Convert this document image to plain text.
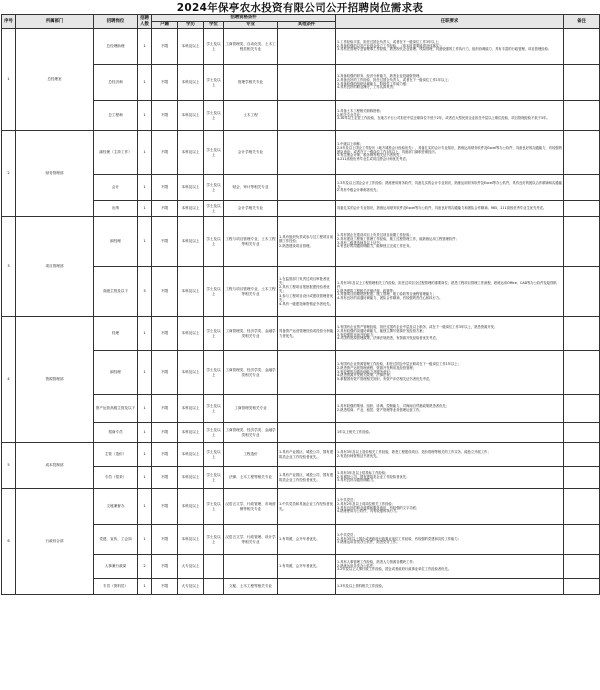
2024年保亭农水投资有限公司公开招聘岗位需求表
序号	所属部门	招聘岗位	招聘人数	招聘资格条件					任职要求	备注
				户籍	学历	学位	专业	其他条件		
1	总经理室	总经理助理	1	不限	本科及以上	学士及以上	工商管理类、自动化类、土木工程类相关专业		1.工作经验丰富，担任过国企负责人、或者在下一级岗位工作3年以上；
2.具备较强的以及产业基金设立工作经验，（取本时需要能供具体落实）；
3.具有在管理专业管理事工作经验，熟悉现代企业管理、风险管理，具备较强的工作执行力，组织协调能力，具有丰富的行政管理、项目管理经验；	
		总经济师	1	不限	本科及以上	学士及以上	管理学相关专业		1.具备较强的财务、经济分析能力，熟悉企业投融资管理；
2.具备良好的工作经验，担任过国企负责人，或者在下一级岗位工作1年以上；
3.具备较强的组织协调能力，阶段性工作能力强；
4.具有良好的职业操守，工作认真负责；	
		总工程师	1	不限	本科及以上	学士及以上	土木工程		1.具备土木工程相关职称资格；
2.相关专业毕业；
3.10年以上企业工作经验，在地方平台公司担任中层正职岗位不低于2年，或者在大型民营企业担任中层以上职位经验，项目管理经验不低于5年。	
2	财务管理部	副经理（主持工作）	1	不限	本科及以上	学士及以上	会计学相关专业		1.中级以上职称；
2.5年及以上国企工作经历（地方城投会计经验优先），具备扎实的会计专业知识，熟练运用财务软件及Excel等办公软件，具备良好的沟通能力，有较强的团队意识；或者在下一级岗位工作3年以上，具备部门副职任职经历。
3.有注册会计师、税务师等相关证书者优先；
4.211高校优秀毕业生或同注册会计师优先考虑。	
		会计	1	不限	本科及以上	学士及以上	财会、审计等相关专业		1.3年及以上国企会计工作经验；熟练使用财务软件，具备扎实的会计专业知识，熟练运用财务软件及Excel等办公软件，具有良好的团队合作精神和沟通能力；
2.具有中级会计职称者优先；	
		出纳	1	不限	本科及以上	学士及以上	会计学相关专业		具备扎实的会计专业知识，熟练运用财务软件及Excel等办公软件，具备良好的沟通能力和团队合作精神。985、211高校优秀毕业生优先考虑。	
3	项目管理部	副经理	1	不限	本科及以上	学士及以上	工程与项目管理专业、土木工程等相关专业	1.具有组织负责或参与过工程项目前期工作经验；
2.熟悉建设项目管理。	1.具有国企在建设项目上负责过项目前期工作经验；
2.具有建设工程施工管理工作经验，施工过程管理工作，能熟练运用工程管理软件；
3.具有二级建造师及以上证书；
4.有良好的沟通协调能力，能够独立完成工作任务。	
		高级主管及以下	3	不限	本科及以上	学士及以上	工程与项目管理专业、土木工程等相关专业	1.在监管部门负责过项目审批者优先；
2.具有工程项目报批报建经验者优先；
3.参与工程项目设计或建设管理者优先；
4.具有一级建造师资格证书者优先。	1.具有3年及以上工程管理相关工作经验，担任过项目全过程管理的重要岗位；熟悉工程项目管理工作流程，熟练运用Office、CAD等办公软件及绘图软件；
2.熟悉建筑工程相关法律法规、政策等；
3.具备项目前期报批报建、施工管理、竣工验收等全流程管理能力；
4.具有良好的沟通协调能力、团队合作精神，有较强的责任心和执行力。	
4	资源管理部	经理	1	不限	本科及以上	学士及以上	工商管理类、经济学类、金融学类相关专业	具备资产运营管理经验或经营分析能力者优先。	1.有国有企业资产管理经验，担任过国有企业中层及以上职务，或在下一级岗位工作3年以上，熟悉资源开发；
2.具有较强的沟通协调能力，能独立撰写资源开发经营方案；
3.有较强的市场开拓能力；
4.对国有资源管理政策、法律法规熟悉，有资源开发经验者优先考虑。	
		副经理	1	不限	本科及以上	学士及以上	工商管理类、经济学类、金融学类相关专业		1.有国有企业资源管理工作经验，担任过国企中层正职或在下一级岗位工作1年以上；
2.熟悉资产运营管理流程、资源开发利用及经营管理；
3.有较强的沟通协调能力及服务意识；
4.熟悉资源开发相关政策、法律法规；
5.掌握国有资产管理相关知识，有资产评估相关证书者优先考虑。	
		资产运营高级主管及以下	1	不限	本科及以上	学士及以上	工商管理类相关专业		1.具有较强的策划、组织、协调、控制能力，对海南自贸港政策熟悉者优先；
2.熟悉招商、产业、租赁、资产管理等业务管理运营工作。	
		招商专员	1	不限	本科及以上	学士及以上	工商管理类、经济学类、金融学类相关专业		1年以上相关工作经验。	
5	成本控制部	主管（造价）	1	不限	本科及以上	学士及以上	工程造价	1.具有产业园区、城投公司、国有建筑类企业工作经验者优先。	1.具有3年及以上造价相关工作经验，熟悉工程建设项目、造价管理等相关的工作实务，能独立开展工作；
2.有造价师资格证书者优先。	
		专员（招采）	1	不限	本科及以上	学士及以上	法律、土木工程等相关专业	1.具有产业园区、城投公司、国有建筑类企业工作经验者优先。	1.具有3年及以上招投标工作经验；
2.有城投公司、国有建筑类企业工作经验者优先；
3.具有良好沟通协调能力。	
6	行政综合部	文秘兼督办	1	不限	本科及以上	学士及以上	汉语言文学、行政管理、市场营销等相关专业	1.中共党员和具备企业工作经验者优先。	1.中共党员；
2.具有2年及以上同岗位相关工作经验；
3.具有良好的职业道德和服务意识，有较强的文字功底；
4.熟练使用办公软件，具有较强的执行力。	
		党建、宣传、工会岗	1	不限	本科及以上	学士及以上	汉语言文学、行政管理、设计学等相关专业	1.有驾照，会开车者优先。	1.中共党员；
2.具有3年以上国企或者政府行政事业单位工作经验，有较强的党建和宣传工作能力；
3.熟练运用各类办公软件，熟悉党务工作。	
		人事兼行政岗	2	不限	大专及以上			1.有驾照，会开车者优先。	1.具有人事管理工作经验，熟悉人力资源各模块工作；
2.熟练运用各类办公软件；
3.2年及以上人事行政工作经验，国企或者政府行政事业单位工作经验者优先。	
		专员（资料员）	1	不限	大专及以上		文秘、土木工程等相关专业		1.3年及以上资料相关工作经验。	
